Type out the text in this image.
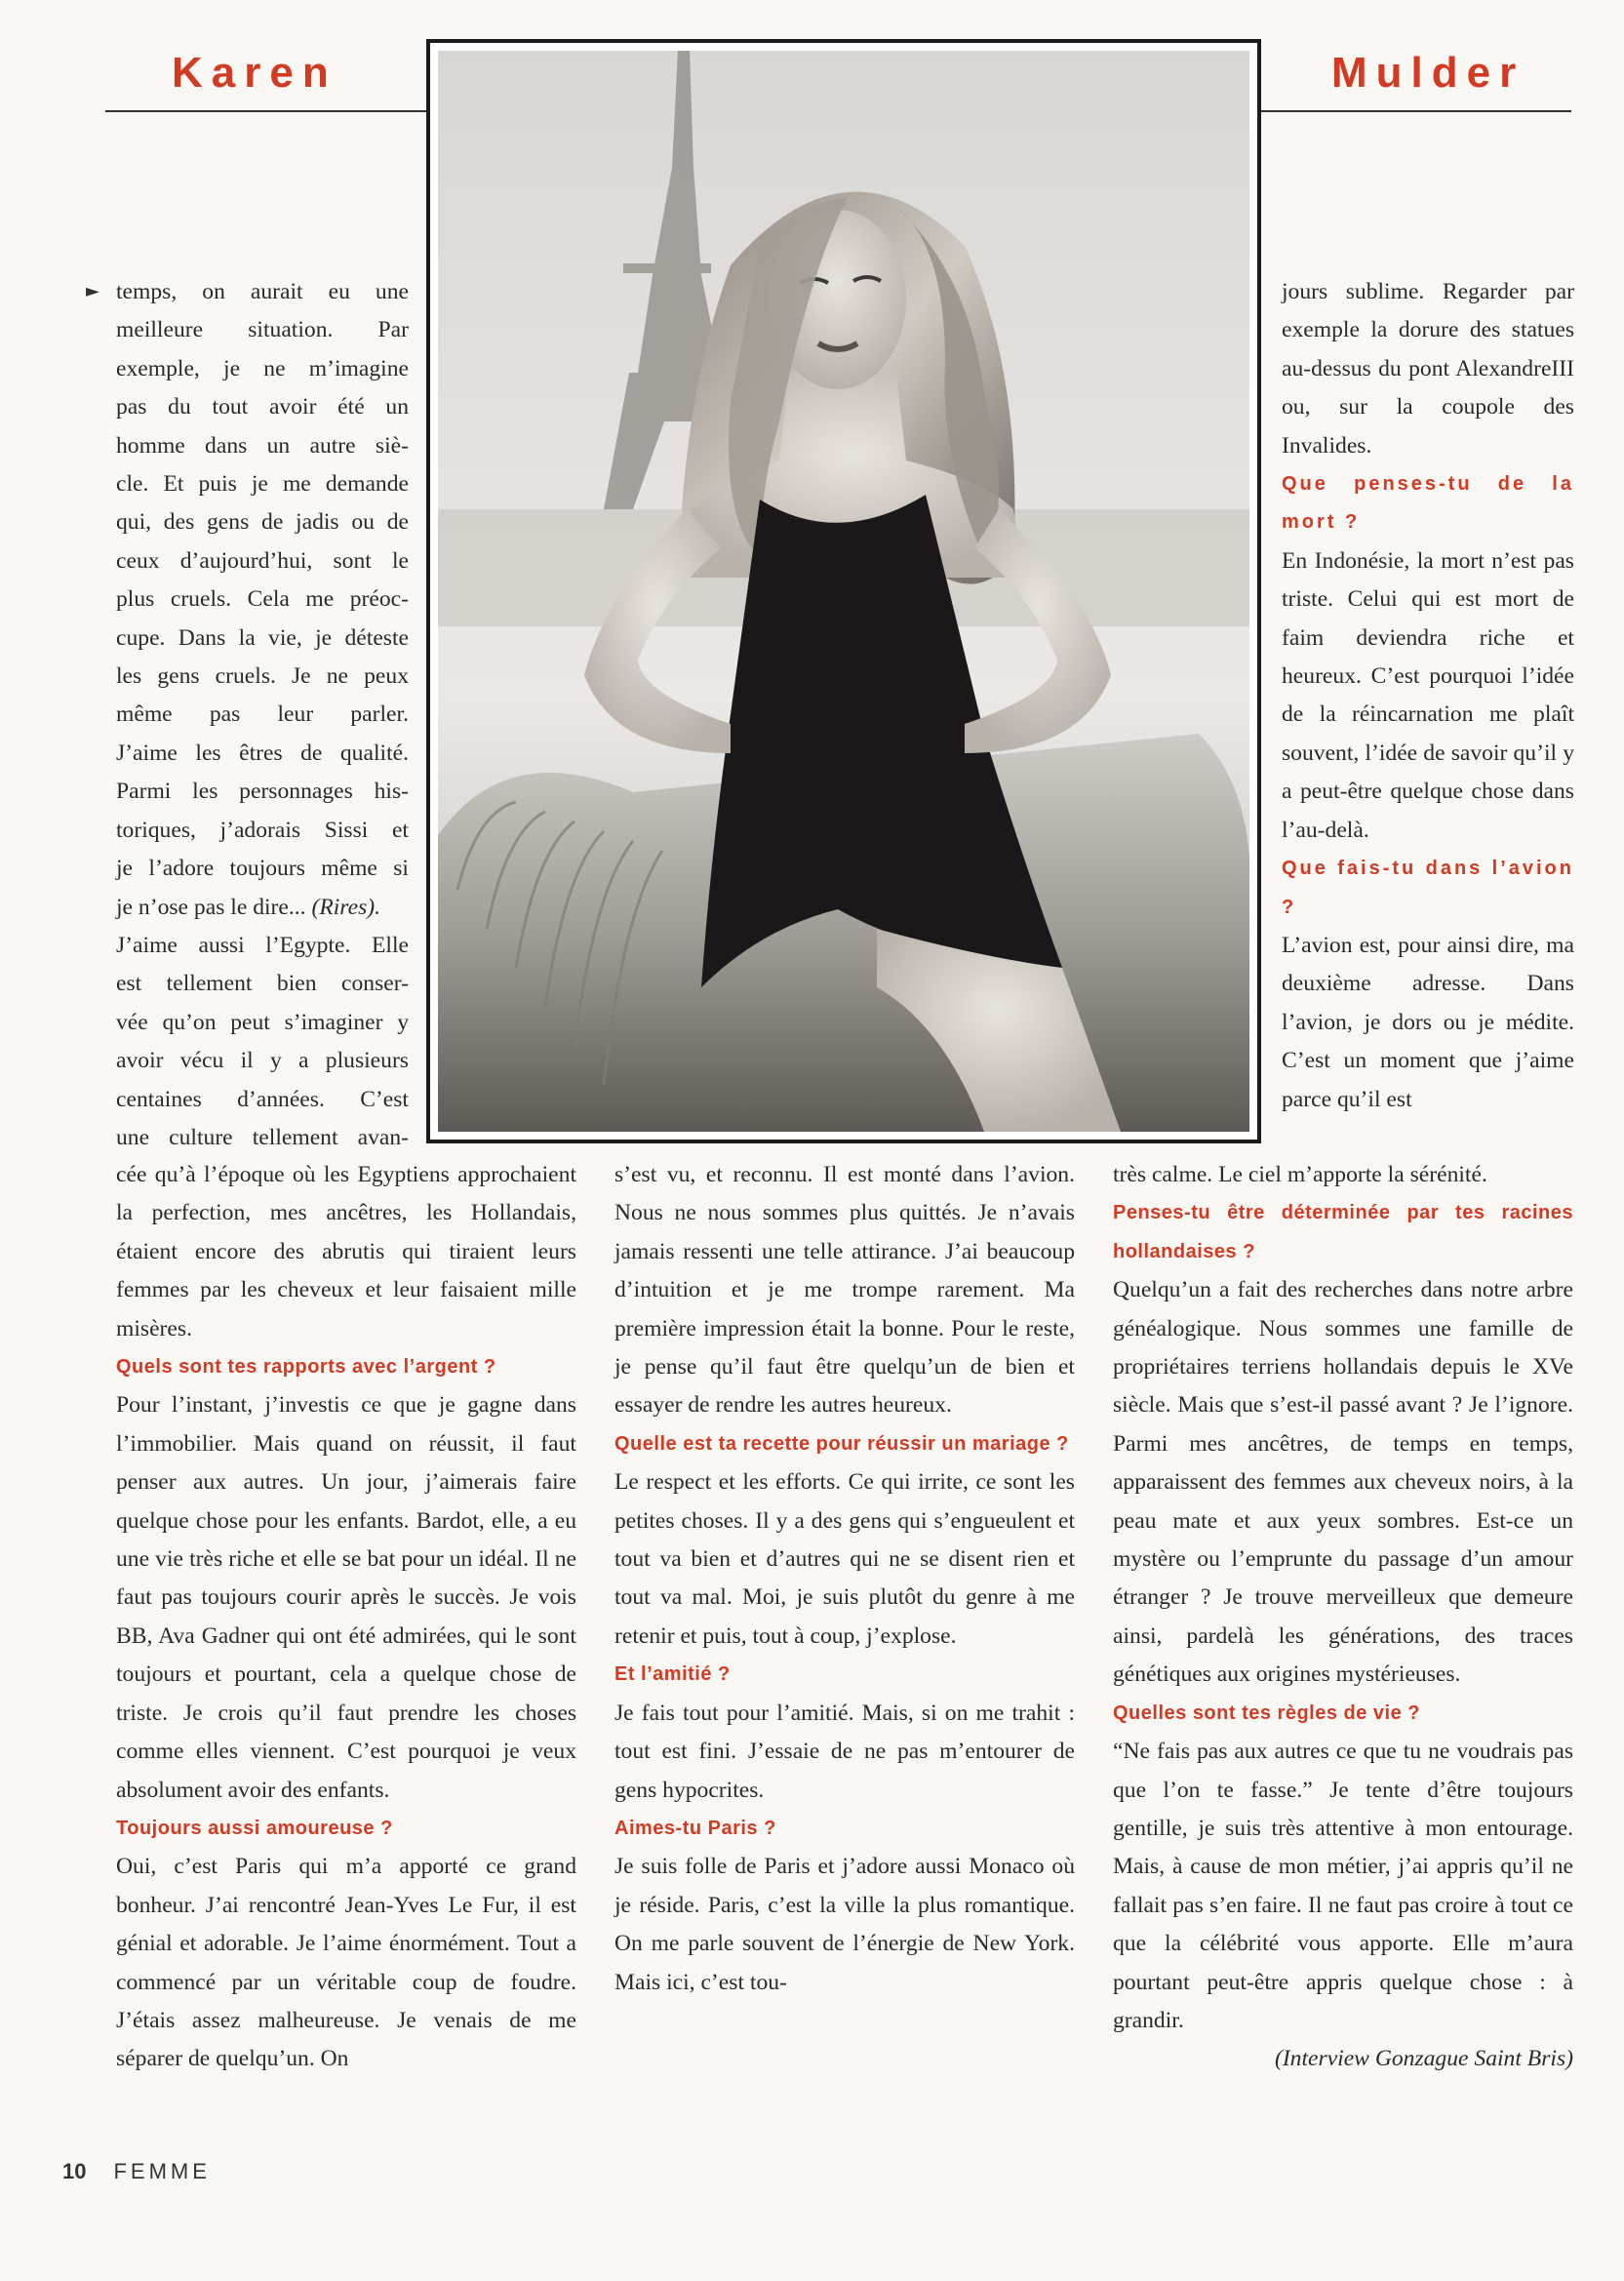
Karen	Mulder
► temps, on aurait eu une

meilleure situation. Par

exemple, je ne m’imagine

pas du tout avoir été un

homme dans un autre siè-

cle. Et puis je me demande

qui, des gens de jadis ou de

ceux d’aujourd’hui, sont le

plus cruels. Cela me préoc-

cupe. Dans la vie, je déteste

les gens cruels. Je ne peux

même pas leur parler.

J’aime les êtres de qualité.

Parmi les personnages his-

toriques, j’adorais Sissi et

je l’adore toujours même si

je n’ose pas le dire... (Rires).

J’aime aussi l’Egypte. Elle

est tellement bien conser-

vée qu’on peut s’imaginer y

avoir vécu il y a plusieurs

centaines d’années. C’est

une culture tellement avan-

cée qu’à l’époque où les Egyptiens approchaient la perfection, mes ancêtres, les Hollandais, étaient encore des abrutis qui tiraient leurs femmes par les cheveux et leur faisaient mille misères.

Quels sont tes rapports avec l’argent ?

Pour l’instant, j’investis ce que je gagne dans l’immobilier. Mais quand on réussit, il faut penser aux autres. Un jour, j’aimerais faire quelque chose pour les enfants. Bardot, elle, a eu une vie très riche et elle se bat pour un idéal. Il ne faut pas toujours courir après le succès. Je vois BB, Ava Gadner qui ont été admirées, qui le sont toujours et pourtant, cela a quelque chose de triste. Je crois qu’il faut prendre les choses comme elles viennent. C’est pourquoi je veux absolument avoir des enfants.

Toujours aussi amoureuse ?

Oui, c’est Paris qui m’a apporté ce grand bonheur. J’ai rencontré Jean-Yves Le Fur, il est génial et adorable. Je l’aime énormément. Tout a commencé par un véritable coup de foudre. J’étais assez malheureuse. Je venais de me séparer de quelqu’un. On

s’est vu, et reconnu. Il est monté dans l’avion. Nous ne nous sommes plus quittés. Je n’avais jamais ressenti une telle attirance. J’ai beaucoup d’intuition et je me trompe rarement. Ma première impression était la bonne. Pour le reste, je pense qu’il faut être quelqu’un de bien et essayer de rendre les autres heureux.

Quelle est ta recette pour réussir un mariage ?

Le respect et les efforts. Ce qui irrite, ce sont les petites choses. Il y a des gens qui s’engueulent et tout va bien et d’autres qui ne se disent rien et tout va mal. Moi, je suis plutôt du genre à me retenir et puis, tout à coup, j’explose.

Et l’amitié ?

Je fais tout pour l’amitié. Mais, si on me trahit : tout est fini. J’essaie de ne pas m’entourer de gens hypocrites.

Aimes-tu Paris ?

Je suis folle de Paris et j’adore aussi Monaco où je réside. Paris, c’est la ville la plus romantique. On me parle souvent de l’énergie de New York. Mais ici, c’est tou-

jours sublime. Regarder par exemple la dorure des statues au-dessus du pont AlexandreIII ou, sur la coupole des Invalides.

Que penses-tu de la mort ?

En Indonésie, la mort n’est pas triste. Celui qui est mort de faim deviendra riche et heureux. C’est pourquoi l’idée de la réincarnation me plaît souvent, l’idée de savoir qu’il y a peut-être quelque chose dans l’au-delà.

Que fais-tu dans l’avion ?

L’avion est, pour ainsi dire, ma deuxième adresse. Dans l’avion, je dors ou je médite. C’est un moment que j’aime parce qu’il est

très calme. Le ciel m’apporte la sérénité.

Penses-tu être déterminée par tes racines hollandaises ?

Quelqu’un a fait des recherches dans notre arbre généalogique. Nous sommes une famille de propriétaires terriens hollandais depuis le XVe siècle. Mais que s’est-il passé avant ? Je l’ignore. Parmi mes ancêtres, de temps en temps, apparaissent des femmes aux cheveux noirs, à la peau mate et aux yeux sombres. Est-ce un mystère ou l’emprunte du passage d’un amour étranger ? Je trouve merveilleux que demeure ainsi, pardelà les générations, des traces génétiques aux origines mystérieuses.

Quelles sont tes règles de vie ?

“Ne fais pas aux autres ce que tu ne voudrais pas que l’on te fasse.” Je tente d’être toujours gentille, je suis très attentive à mon entourage. Mais, à cause de mon métier, j’ai appris qu’il ne fallait pas s’en faire. Il ne faut pas croire à tout ce que la célébrité vous apporte. Elle m’aura pourtant peut-être appris quelque chose : à grandir.

(Interview Gonzague Saint Bris)

10 FEMME
